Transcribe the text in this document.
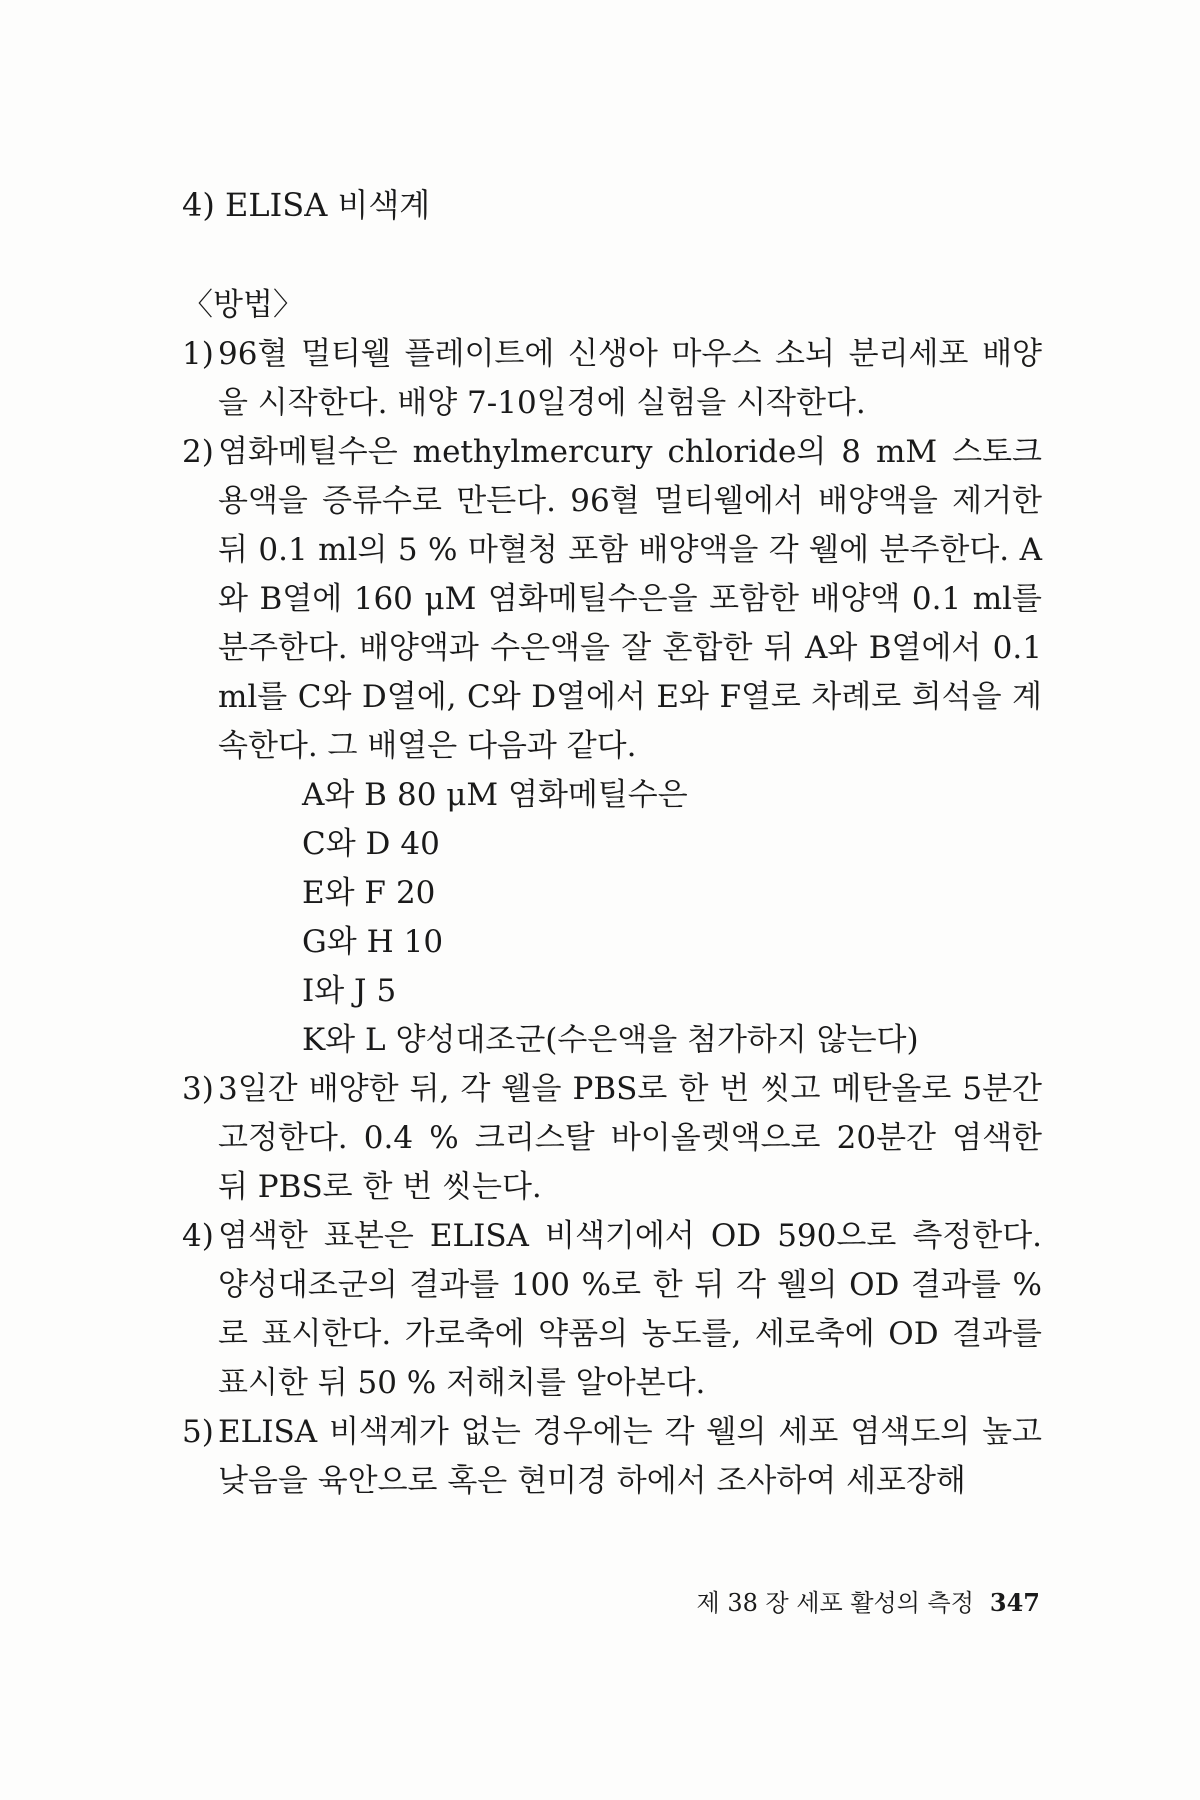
4) ELISA 비색계
〈방법〉
1) 96혈 멀티웰 플레이트에 신생아 마우스 소뇌 분리세포 배양을 시작한다. 배양 7-10일경에 실험을 시작한다.
2) 염화메틸수은 methylmercury chloride의 8 mM 스토크 용액을 증류수로 만든다. 96혈 멀티웰에서 배양액을 제거한 뒤 0.1 ml의 5 % 마혈청 포함 배양액을 각 웰에 분주한다. A와 B열에 160 μM 염화메틸수은을 포함한 배양액 0.1 ml를 분주한다. 배양액과 수은액을 잘 혼합한 뒤 A와 B열에서 0.1 ml를 C와 D열에, C와 D열에서 E와 F열로 차례로 희석을 계속한다. 그 배열은 다음과 같다.
A와 B 80 μM 염화메틸수은
C와 D 40
E와 F 20
G와 H 10
I와 J 5
K와 L 양성대조군(수은액을 첨가하지 않는다)
3) 3일간 배양한 뒤, 각 웰을 PBS로 한 번 씻고 메탄올로 5분간 고정한다. 0.4 % 크리스탈 바이올렛액으로 20분간 염색한 뒤 PBS로 한 번 씻는다.
4) 염색한 표본은 ELISA 비색기에서 OD 590으로 측정한다. 양성대조군의 결과를 100 %로 한 뒤 각 웰의 OD 결과를 %로 표시한다. 가로축에 약품의 농도를, 세로축에 OD 결과를 표시한 뒤 50 % 저해치를 알아본다.
5) ELISA 비색계가 없는 경우에는 각 웰의 세포 염색도의 높고 낮음을 육안으로 혹은 현미경 하에서 조사하여 세포장해
제 38 장 세포 활성의 측정 347
